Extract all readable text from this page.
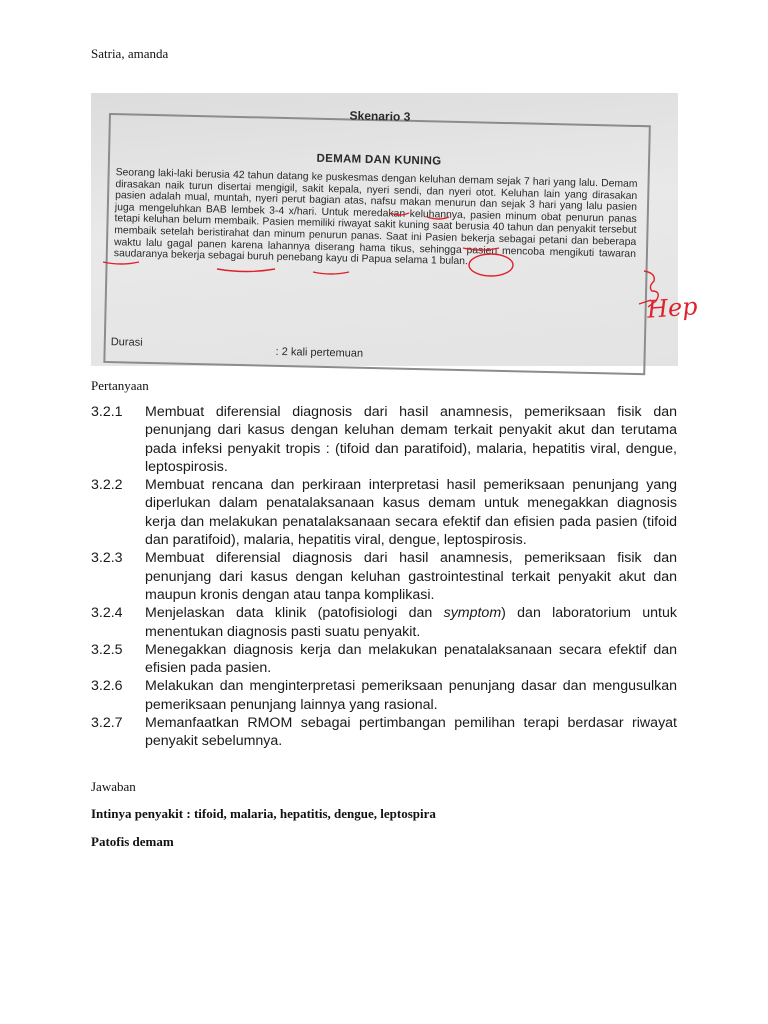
Satria, amanda
Skenario 3
DEMAM DAN KUNING
Seorang laki-laki berusia 42 tahun datang ke puskesmas dengan keluhan demam sejak 7 hari yang lalu. Demam dirasakan naik turun disertai mengigil, sakit kepala, nyeri sendi, dan nyeri otot. Keluhan lain yang dirasakan pasien adalah mual, muntah, nyeri perut bagian atas, nafsu makan menurun dan sejak 3 hari yang lalu pasien juga mengeluhkan BAB lembek 3-4 x/hari. Untuk meredakan keluhannya, pasien minum obat penurun panas tetapi keluhan belum membaik. Pasien memiliki riwayat sakit kuning saat berusia 40 tahun dan penyakit tersebut membaik setelah beristirahat dan minum penurun panas. Saat ini Pasien bekerja sebagai petani dan beberapa waktu lalu gagal panen karena lahannya diserang hama tikus, sehingga pasien mencoba mengikuti tawaran saudaranya bekerja sebagai buruh penebang kayu di Papua selama 1 bulan.
Durasi
: 2 kali pertemuan
Hep
Pertanyaan
3.2.1	Membuat diferensial diagnosis dari hasil anamnesis, pemeriksaan fisik dan penunjang dari kasus dengan keluhan demam terkait penyakit akut dan terutama pada infeksi penyakit tropis : (tifoid dan paratifoid), malaria, hepatitis viral, dengue, leptospirosis.
3.2.2	Membuat rencana dan perkiraan interpretasi hasil pemeriksaan penunjang yang diperlukan dalam penatalaksanaan kasus demam untuk menegakkan diagnosis kerja dan melakukan penatalaksanaan secara efektif dan efisien pada pasien (tifoid dan paratifoid), malaria, hepatitis viral, dengue, leptospirosis.
3.2.3	Membuat diferensial diagnosis dari hasil anamnesis, pemeriksaan fisik dan penunjang dari kasus dengan keluhan gastrointestinal terkait penyakit akut dan maupun kronis dengan atau tanpa komplikasi.
3.2.4	Menjelaskan data klinik (patofisiologi dan symptom) dan laboratorium untuk menentukan diagnosis pasti suatu penyakit.
3.2.5	Menegakkan diagnosis kerja dan melakukan penatalaksanaan secara efektif dan efisien pada pasien.
3.2.6	Melakukan dan menginterpretasi pemeriksaan penunjang dasar dan mengusulkan pemeriksaan penunjang lainnya yang rasional.
3.2.7	Memanfaatkan RMOM sebagai pertimbangan pemilihan terapi berdasar riwayat penyakit sebelumnya.
Jawaban
Intinya penyakit : tifoid, malaria, hepatitis, dengue, leptospira
Patofis demam
